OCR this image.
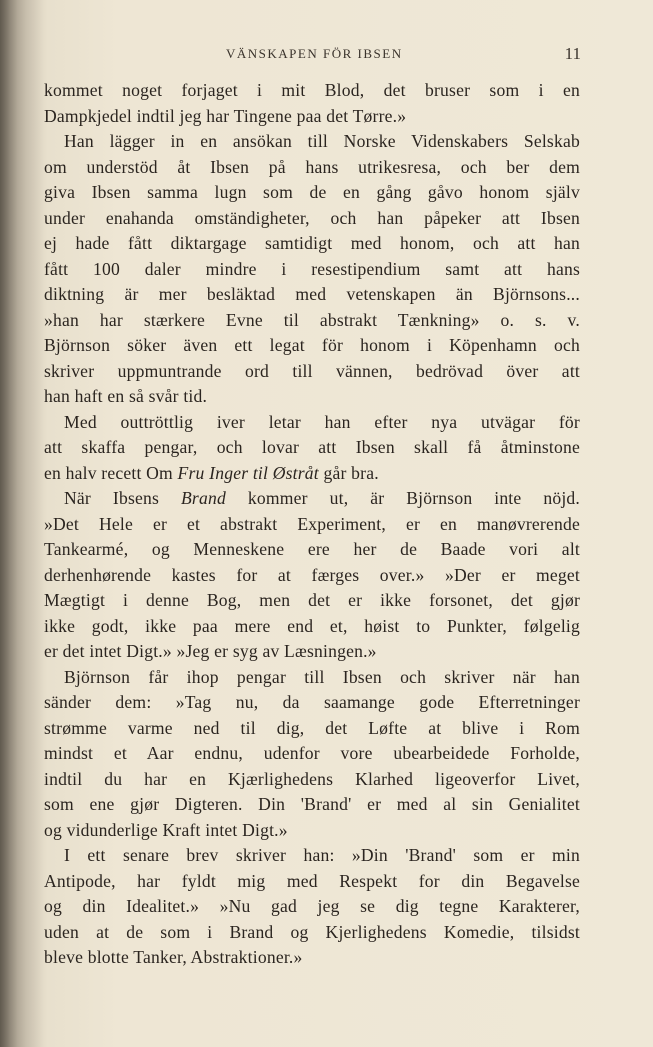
VÄNSKAPEN FÖR IBSEN	11
kommet noget forjaget i mit Blod, det bruser som i en
Dampkjedel indtil jeg har Tingene paa det Tørre.»
Han lägger in en ansökan till Norske Videnskabers Selskab
om understöd åt Ibsen på hans utrikesresa, och ber dem
giva Ibsen samma lugn som de en gång gåvo honom själv
under enahanda omständigheter, och han påpeker att Ibsen
ej hade fått diktargage samtidigt med honom, och att han
fått 100 daler mindre i resestipendium samt att hans
diktning är mer besläktad med vetenskapen än Björnsons...
»han har stærkere Evne til abstrakt Tænkning» o. s. v.
Björnson söker även ett legat för honom i Köpenhamn och
skriver uppmuntrande ord till vännen, bedrövad över att
han haft en så svår tid.
Med outtröttlig iver letar han efter nya utvägar för
att skaffa pengar, och lovar att Ibsen skall få åtminstone
en halv recett Om Fru Inger til Østråt går bra.
När Ibsens Brand kommer ut, är Björnson inte nöjd.
»Det Hele er et abstrakt Experiment, er en manøvrerende
Tankearmé, og Menneskene ere her de Baade vori alt
derhenhørende kastes for at færges over.» »Der er meget
Mægtigt i denne Bog, men det er ikke forsonet, det gjør
ikke godt, ikke paa mere end et, høist to Punkter, følgelig
er det intet Digt.» »Jeg er syg av Læsningen.»
Björnson får ihop pengar till Ibsen och skriver när han
sänder dem: »Tag nu, da saamange gode Efterretninger
strømme varme ned til dig, det Løfte at blive i Rom
mindst et Aar endnu, udenfor vore ubearbeidede Forholde,
indtil du har en Kjærlighedens Klarhed ligeoverfor Livet,
som ene gjør Digteren. Din 'Brand' er med al sin Genialitet
og vidunderlige Kraft intet Digt.»
I ett senare brev skriver han: »Din 'Brand' som er min
Antipode, har fyldt mig med Respekt for din Begavelse
og din Idealitet.» »Nu gad jeg se dig tegne Karakterer,
uden at de som i Brand og Kjerlighedens Komedie, tilsidst
bleve blotte Tanker, Abstraktioner.»
